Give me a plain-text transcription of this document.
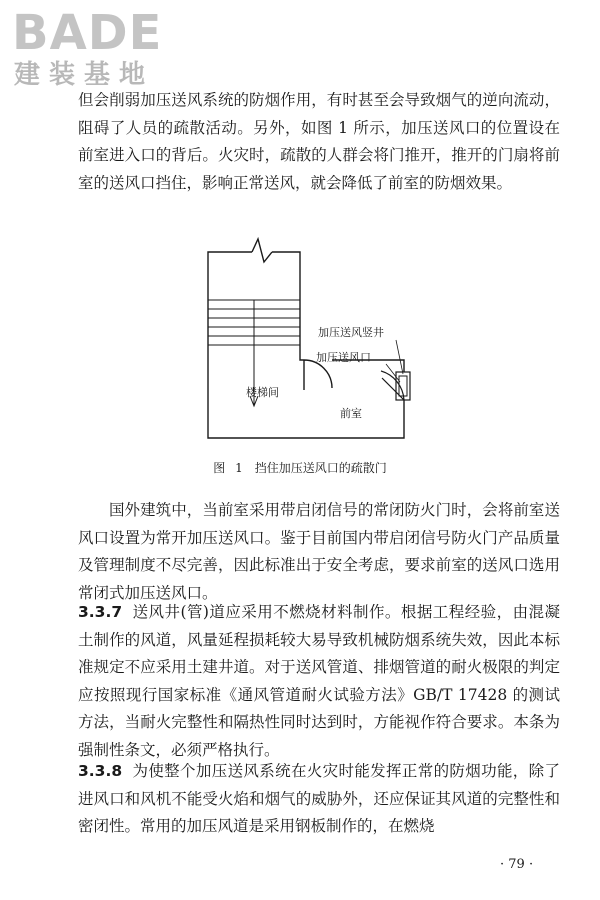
BADE
建装基地

但会削弱加压送风系统的防烟作用，有时甚至会导致烟气的逆向流动，阻碍了人员的疏散活动。另外，如图 1 所示，加压送风口的位置设在前室进入口的背后。火灾时，疏散的人群会将门推开，推开的门扇将前室的送风口挡住，影响正常送风，就会降低了前室的防烟效果。

加压送风竖井
加压送风口
楼梯间
前室
图 1　挡住加压送风口的疏散门

国外建筑中，当前室采用带启闭信号的常闭防火门时，会将前室送风口设置为常开加压送风口。鉴于目前国内带启闭信号防火门产品质量及管理制度不尽完善，因此标准出于安全考虑，要求前室的送风口选用常闭式加压送风口。

3.3.7 送风井(管)道应采用不燃烧材料制作。根据工程经验，由混凝土制作的风道，风量延程损耗较大易导致机械防烟系统失效，因此本标准规定不应采用土建井道。对于送风管道、排烟管道的耐火极限的判定应按照现行国家标准《通风管道耐火试验方法》GB/T 17428 的测试方法，当耐火完整性和隔热性同时达到时，方能视作符合要求。本条为强制性条文，必须严格执行。

3.3.8 为使整个加压送风系统在火灾时能发挥正常的防烟功能，除了进风口和风机不能受火焰和烟气的威胁外，还应保证其风道的完整性和密闭性。常用的加压风道是采用钢板制作的，在燃烧

· 79 ·
